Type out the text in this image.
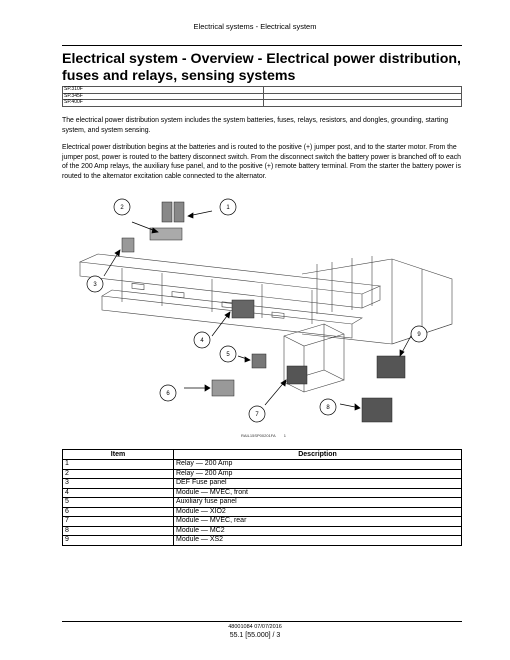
Electrical systems - Electrical system
Electrical system - Overview - Electrical power distribution, fuses and relays, sensing systems
SP.310F	
SP.345F	
SP.400F	
The electrical power distribution system includes the system batteries, fuses, relays, resistors, and dongles, grounding, starting system, and system sensing.
Electrical power distribution begins at the batteries and is routed to the positive (+) jumper post, and to the starter motor. From the jumper post, power is routed to the battery disconnect switch. From the disconnect switch the battery power is branched off to each of the 200 Amp relays, the auxiliary fuse panel, and to the positive (+) remote battery terminal. From the starter the battery power is routed to the alternator excitation cable connected to the alternator.
1
2
3
4
5
6
7
8
9
RAIL15SP00201FA 1
Item	Description
1	Relay — 200 Amp
2	Relay — 200 Amp
3	DEF Fuse panel
4	Module — MVEC, front
5	Auxiliary fuse panel
6	Module — XIO2
7	Module — MVEC, rear
8	Module — MC2
9	Module — XS2
48001084 07/07/2016
55.1 [55.000] / 3
